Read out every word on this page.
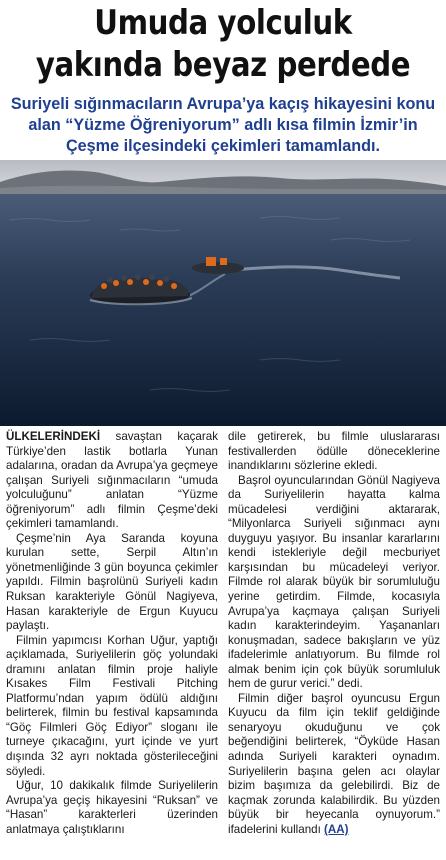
Umuda yolculuk
yakında beyaz perdede
Suriyeli sığınmacıların Avrupa’ya kaçış hikayesini konu
alan “Yüzme Öğreniyorum” adlı kısa filmin İzmir’in
Çeşme ilçesindeki çekimleri tamamlandı.

ÜLKELERİNDEKİ savaştan kaçarak Türkiye’den lastik botlarla Yunan adalarına, oradan da Avrupa’ya geçmeye çalışan Suriyeli sığınmacıların “umuda yolculuğunu” anlatan “Yüzme öğreniyorum” adlı filmin Çeşme’deki çekimleri tamamlandı.

Çeşme’nin Aya Saranda koyuna kurulan sette, Serpil Altın’ın yönetmenliğinde 3 gün boyunca çekimler yapıldı. Filmin başrolünü Suriyeli kadın Ruksan karakteriyle Gönül Nagiyeva, Hasan karakteriyle de Ergun Kuyucu paylaştı.

Filmin yapımcısı Korhan Uğur, yaptığı açıklamada, Suriyelilerin göç yolundaki dramını anlatan filmin proje haliyle Kısakes Film Festivali Pitching Platformu’ndan yapım ödülü aldığını belirterek, filmin bu festival kapsamında “Göç Filmleri Göç Ediyor” sloganı ile turneye çıkacağını, yurt içinde ve yurt dışında 32 ayrı noktada gösterileceğini söyledi.

Uğur, 10 dakikalık filmde Suriyelilerin Avrupa’ya geçiş hikayesini “Ruksan” ve “Hasan” karakterleri üzerinden anlatmaya çalıştıklarını

dile getirerek, bu filmle uluslararası festivallerden ödülle döneceklerine inandıklarını sözlerine ekledi.

Başrol oyuncularından Gönül Nagiyeva da Suriyelilerin hayatta kalma mücadelesi verdiğini aktararak, “Milyonlarca Suriyeli sığınmacı aynı duyguyu yaşıyor. Bu insanlar kararlarını kendi istekleriyle değil mecburiyet karşısından bu mücadeleyi veriyor. Filmde rol alarak büyük bir sorumluluğu yerine getirdim. Filmde, kocasıyla Avrupa’ya kaçmaya çalışan Suriyeli kadın karakterindeyim. Yaşananları konuşmadan, sadece bakışların ve yüz ifadelerimle anlatıyorum. Bu filmde rol almak benim için çok büyük sorumluluk hem de gurur verici.” dedi.

Filmin diğer başrol oyuncusu Ergun Kuyucu da film için teklif geldiğinde senaryoyu okuduğunu ve çok beğendiğini belirterek, “Öyküde Hasan adında Suriyeli karakteri oynadım. Suriyelilerin başına gelen acı olaylar bizim başımıza da gelebilirdi. Biz de kaçmak zorunda kalabilirdik. Bu yüzden büyük bir heyecanla oynuyorum.” ifadelerini kullandı (AA)
